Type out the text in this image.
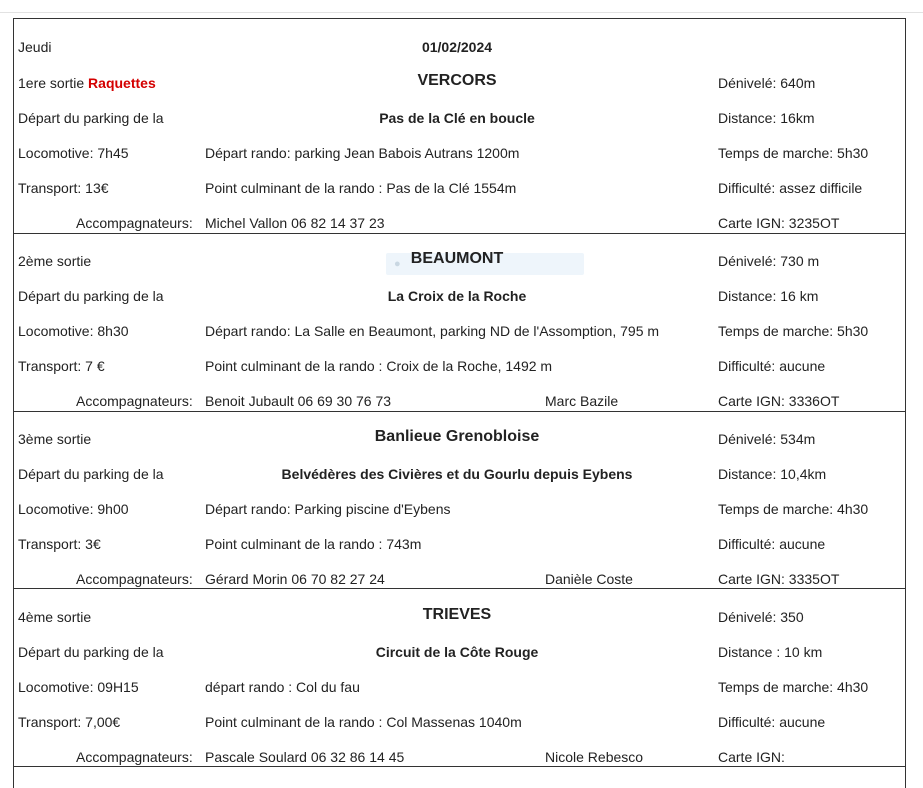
Jeudi	01/02/2024
●
1ere sortie Raquettes	VERCORS	Dénivelé: 640m
Départ du parking de la	Pas de la Clé en boucle	Distance: 16km
Locomotive: 7h45	Départ rando: parking Jean Babois Autrans 1200m	Temps de marche: 5h30
Transport: 13€	Point culminant de la rando : Pas de la Clé 1554m	Difficulté: assez difficile
Accompagnateurs: Michel Vallon 06 82 14 37 23	Carte IGN: 3235OT
2ème sortie	BEAUMONT	Dénivelé: 730 m
Départ du parking de la	La Croix de la Roche	Distance: 16 km
Locomotive: 8h30	Départ rando: La Salle en Beaumont, parking ND de l'Assomption, 795 m	Temps de marche: 5h30
Transport: 7 €	Point culminant de la rando : Croix de la Roche, 1492 m	Difficulté: aucune
Accompagnateurs: Benoit Jubault 06 69 30 76 73	Marc Bazile	Carte IGN: 3336OT
3ème sortie	Banlieue Grenobloise	Dénivelé: 534m
Départ du parking de la	Belvédères des Civières et du Gourlu depuis Eybens	Distance: 10,4km
Locomotive: 9h00	Départ rando: Parking piscine d'Eybens	Temps de marche: 4h30
Transport: 3€	Point culminant de la rando : 743m	Difficulté: aucune
Accompagnateurs: Gérard Morin 06 70 82 27 24	Danièle Coste	Carte IGN: 3335OT
4ème sortie	TRIEVES	Dénivelé: 350
Départ du parking de la	Circuit de la Côte Rouge	Distance : 10 km
Locomotive: 09H15	départ rando : Col du fau	Temps de marche: 4h30
Transport: 7,00€	Point culminant de la rando : Col Massenas 1040m	Difficulté: aucune
Accompagnateurs: Pascale Soulard 06 32 86 14 45	Nicole Rebesco	Carte IGN:
